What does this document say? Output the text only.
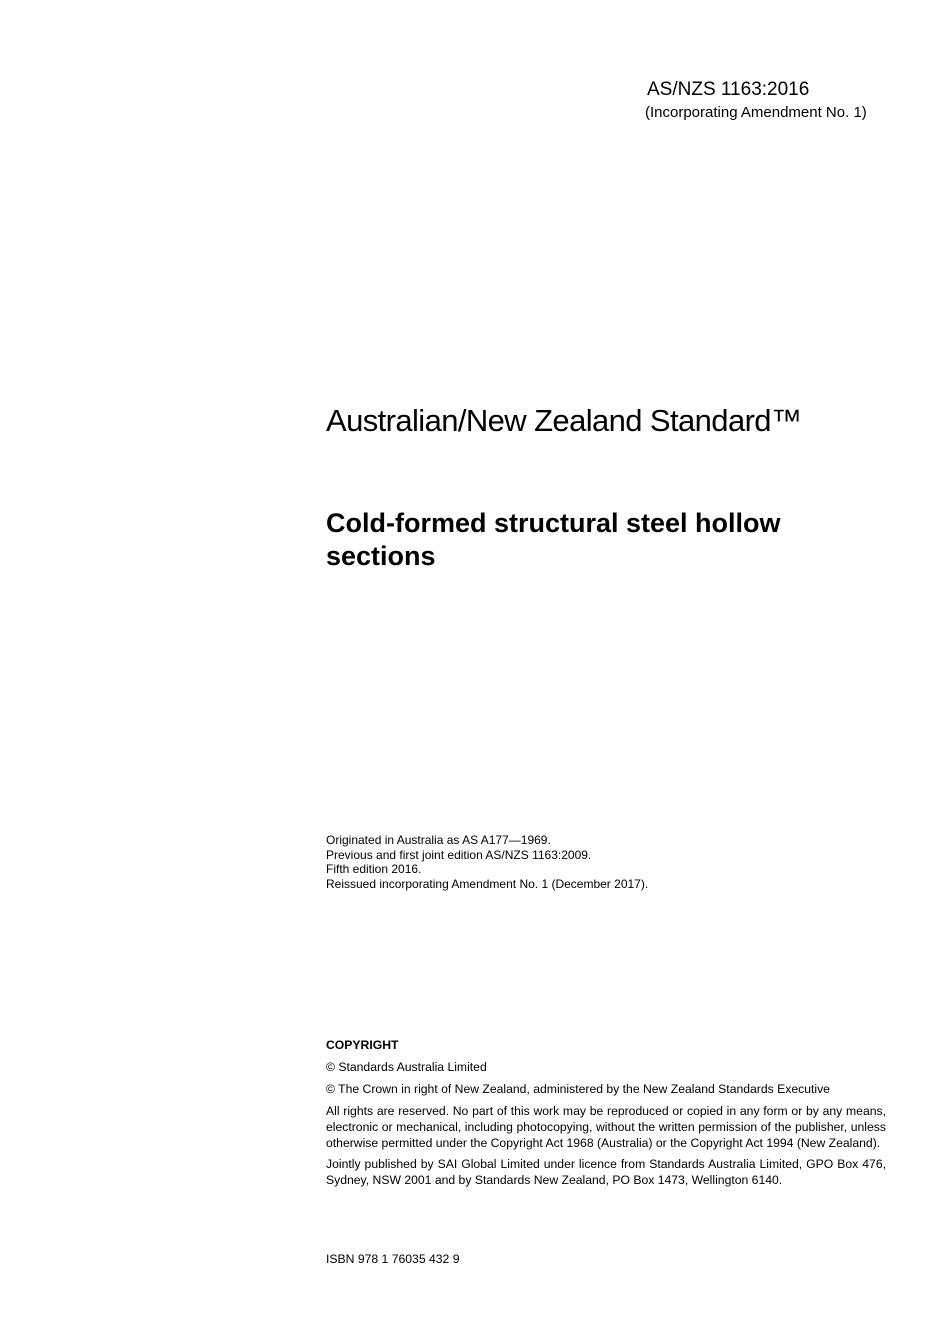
AS/NZS 1163:2016
(Incorporating Amendment No. 1)
Australian/New Zealand Standard™
Cold-formed structural steel hollow sections
Originated in Australia as AS A177—1969.
Previous and first joint edition AS/NZS 1163:2009.
Fifth edition 2016.
Reissued incorporating Amendment No. 1 (December 2017).
COPYRIGHT
© Standards Australia Limited
© The Crown in right of New Zealand, administered by the New Zealand Standards Executive
All rights are reserved. No part of this work may be reproduced or copied in any form or by any means, electronic or mechanical, including photocopying, without the written permission of the publisher, unless otherwise permitted under the Copyright Act 1968 (Australia) or the Copyright Act 1994 (New Zealand).
Jointly published by SAI Global Limited under licence from Standards Australia Limited, GPO Box 476, Sydney, NSW 2001 and by Standards New Zealand, PO Box 1473, Wellington 6140.
ISBN 978 1 76035 432 9
